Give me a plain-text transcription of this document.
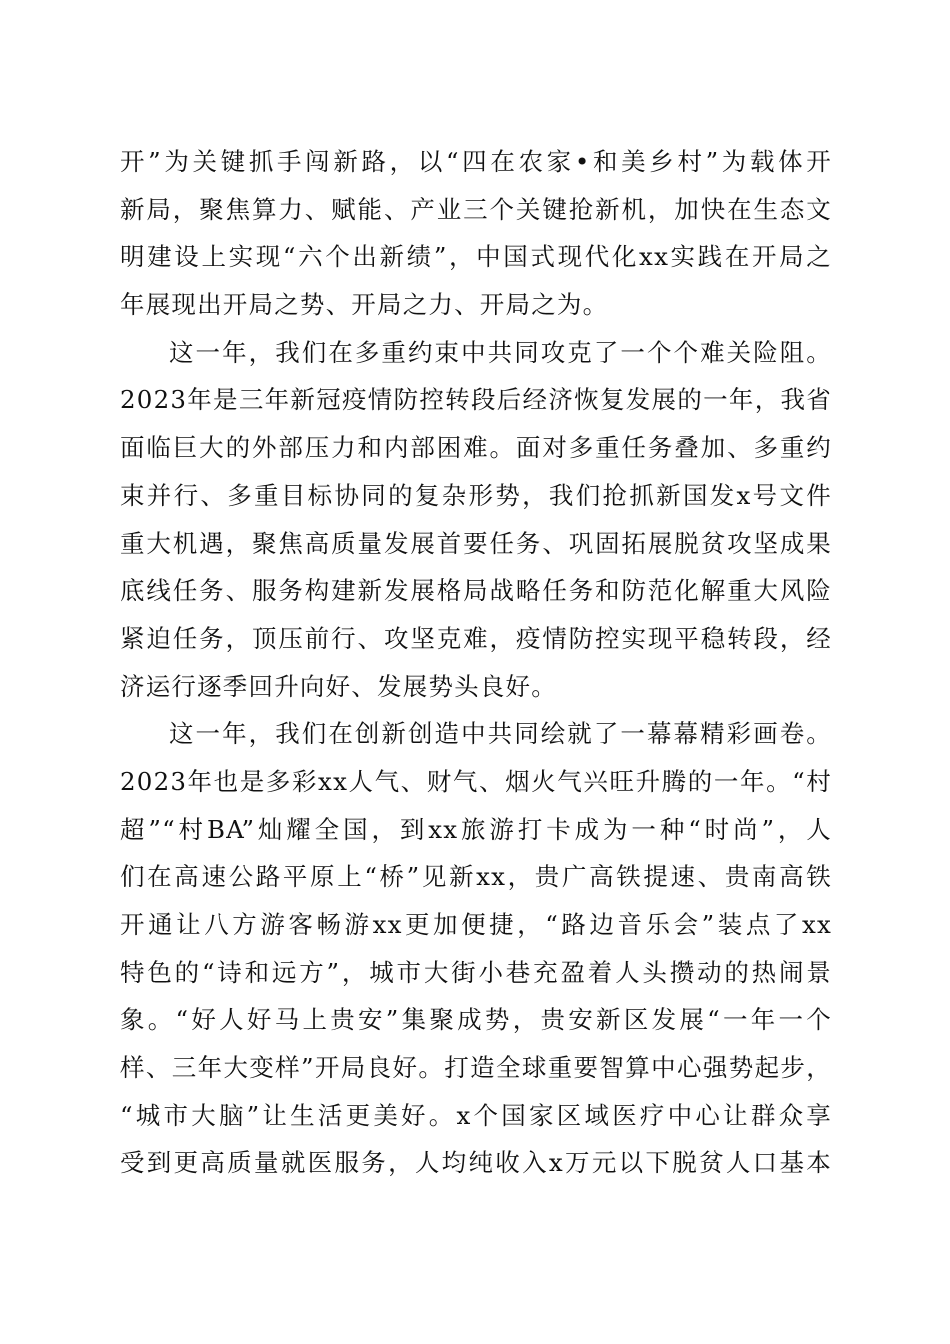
开”为关键抓手闯新路，以“四在农家•和美乡村”为载体开
新局，聚焦算力、赋能、产业三个关键抢新机，加快在生态文
明建设上实现“六个出新绩”，中国式现代化xx实践在开局之
年展现出开局之势、开局之力、开局之为。
这一年，我们在多重约束中共同攻克了一个个难关险阻。
2023年是三年新冠疫情防控转段后经济恢复发展的一年，我省
面临巨大的外部压力和内部困难。面对多重任务叠加、多重约
束并行、多重目标协同的复杂形势，我们抢抓新国发x号文件
重大机遇，聚焦高质量发展首要任务、巩固拓展脱贫攻坚成果
底线任务、服务构建新发展格局战略任务和防范化解重大风险
紧迫任务，顶压前行、攻坚克难，疫情防控实现平稳转段，经
济运行逐季回升向好、发展势头良好。
这一年，我们在创新创造中共同绘就了一幕幕精彩画卷。
2023年也是多彩xx人气、财气、烟火气兴旺升腾的一年。“村
超”“村BA”灿耀全国，到xx旅游打卡成为一种“时尚”，人
们在高速公路平原上“桥”见新xx，贵广高铁提速、贵南高铁
开通让八方游客畅游xx更加便捷，“路边音乐会”装点了xx
特色的“诗和远方”，城市大街小巷充盈着人头攒动的热闹景
象。“好人好马上贵安”集聚成势，贵安新区发展“一年一个
样、三年大变样”开局良好。打造全球重要智算中心强势起步，
“城市大脑”让生活更美好。x个国家区域医疗中心让群众享
受到更高质量就医服务，人均纯收入x万元以下脱贫人口基本
